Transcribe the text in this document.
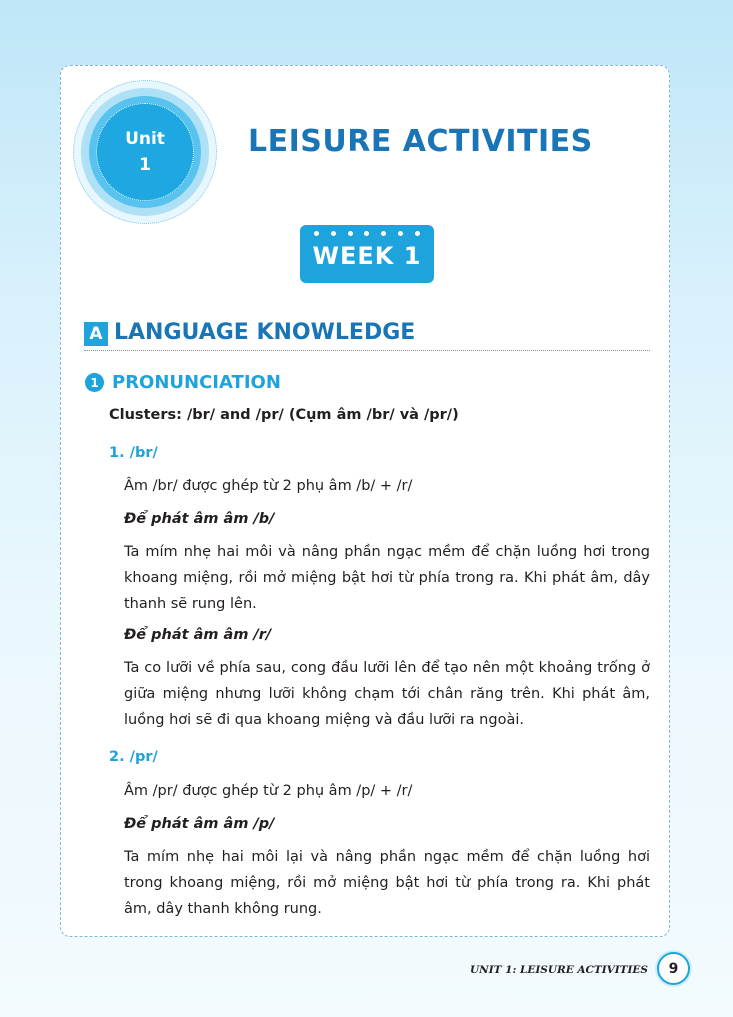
Unit
1
LEISURE ACTIVITIES
WEEK 1
A LANGUAGE KNOWLEDGE
1 PRONUNCIATION
Clusters: /br/ and /pr/ (Cụm âm /br/ và /pr/)
1. /br/
Âm /br/ được ghép từ 2 phụ âm /b/ + /r/
Để phát âm âm /b/
Ta mím nhẹ hai môi và nâng phần ngạc mềm để chặn luồng hơi trong khoang miệng, rồi mở miệng bật hơi từ phía trong ra. Khi phát âm, dây thanh sẽ rung lên.
Để phát âm âm /r/
Ta co lưỡi về phía sau, cong đầu lưỡi lên để tạo nên một khoảng trống ở giữa miệng nhưng lưỡi không chạm tới chân răng trên. Khi phát âm, luồng hơi sẽ đi qua khoang miệng và đầu lưỡi ra ngoài.
2. /pr/
Âm /pr/ được ghép từ 2 phụ âm /p/ + /r/
Để phát âm âm /p/
Ta mím nhẹ hai môi lại và nâng phần ngạc mềm để chặn luồng hơi trong khoang miệng, rồi mở miệng bật hơi từ phía trong ra. Khi phát âm, dây thanh không rung.
UNIT 1: LEISURE ACTIVITIES	9
